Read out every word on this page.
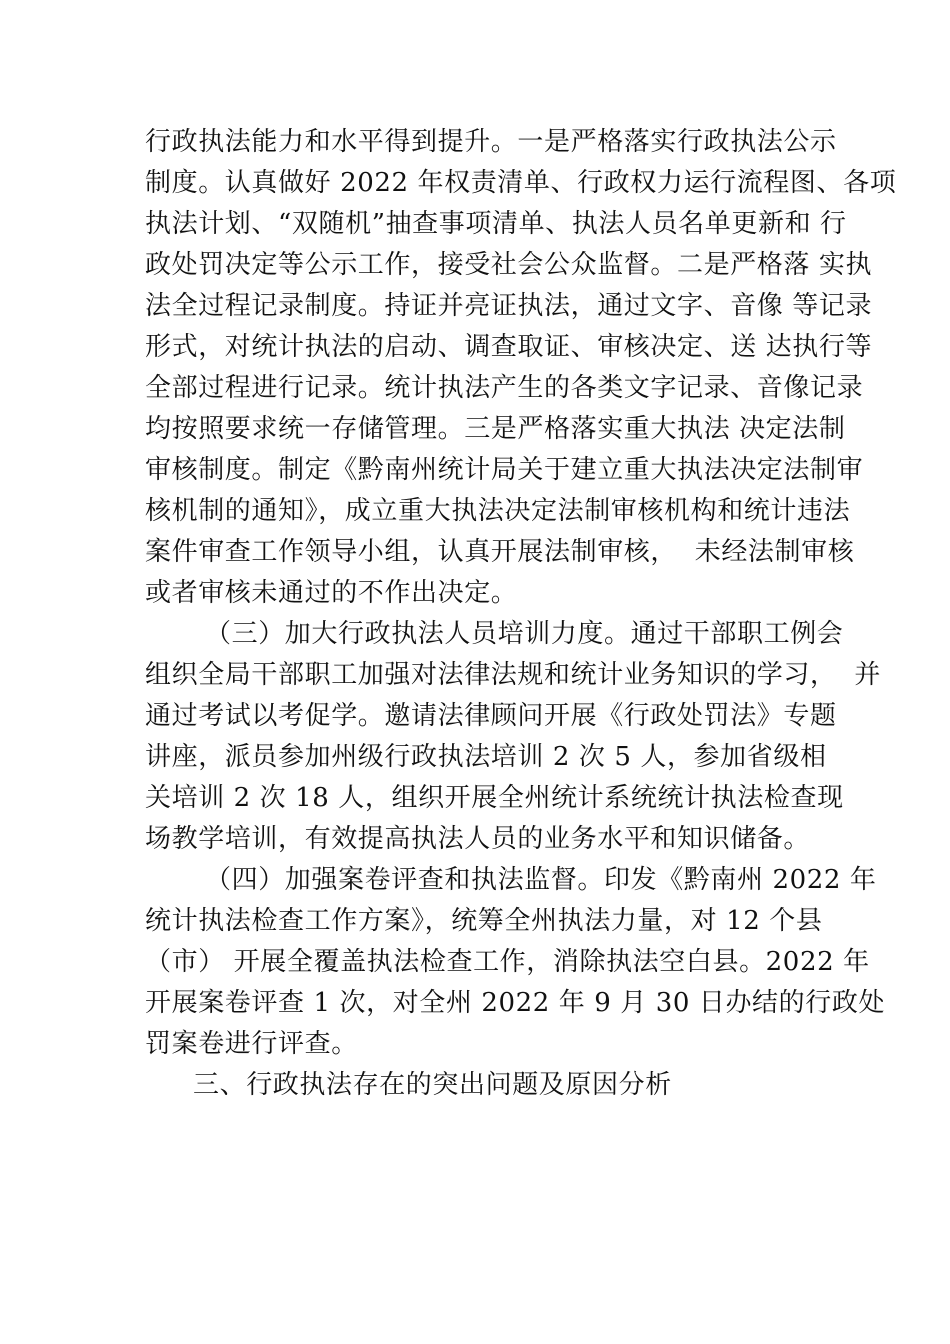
行政执法能力和水平得到提升。一是严格落实行政执法公示
制度。认真做好 2022 年权责清单、行政权力运行流程图、各项
执法计划、“双随机”抽查事项清单、执法人员名单更新和 行
政处罚决定等公示工作，接受社会公众监督。二是严格落 实执
法全过程记录制度。持证并亮证执法，通过文字、音像 等记录
形式，对统计执法的启动、调查取证、审核决定、送 达执行等
全部过程进行记录。统计执法产生的各类文字记录、音像记录
均按照要求统一存储管理。三是严格落实重大执法 决定法制
审核制度。制定《黔南州统计局关于建立重大执法决定法制审
核机制的通知》，成立重大执法决定法制审核机构和统计违法
案件审查工作领导小组，认真开展法制审核，  未经法制审核
或者审核未通过的不作出决定。
（三）加大行政执法人员培训力度。通过干部职工例会
组织全局干部职工加强对法律法规和统计业务知识的学习，  并
通过考试以考促学。邀请法律顾问开展《行政处罚法》专题
讲座，派员参加州级行政执法培训 2 次 5 人，参加省级相
关培训 2 次 18 人，组织开展全州统计系统统计执法检查现
场教学培训，有效提高执法人员的业务水平和知识储备。
（四）加强案卷评查和执法监督。印发《黔南州 2022 年
统计执法检查工作方案》，统筹全州执法力量，对 12 个县
（市） 开展全覆盖执法检查工作，消除执法空白县。2022 年
开展案卷评查 1 次，对全州 2022 年 9 月 30 日办结的行政处
罚案卷进行评查。
三、行政执法存在的突出问题及原因分析
